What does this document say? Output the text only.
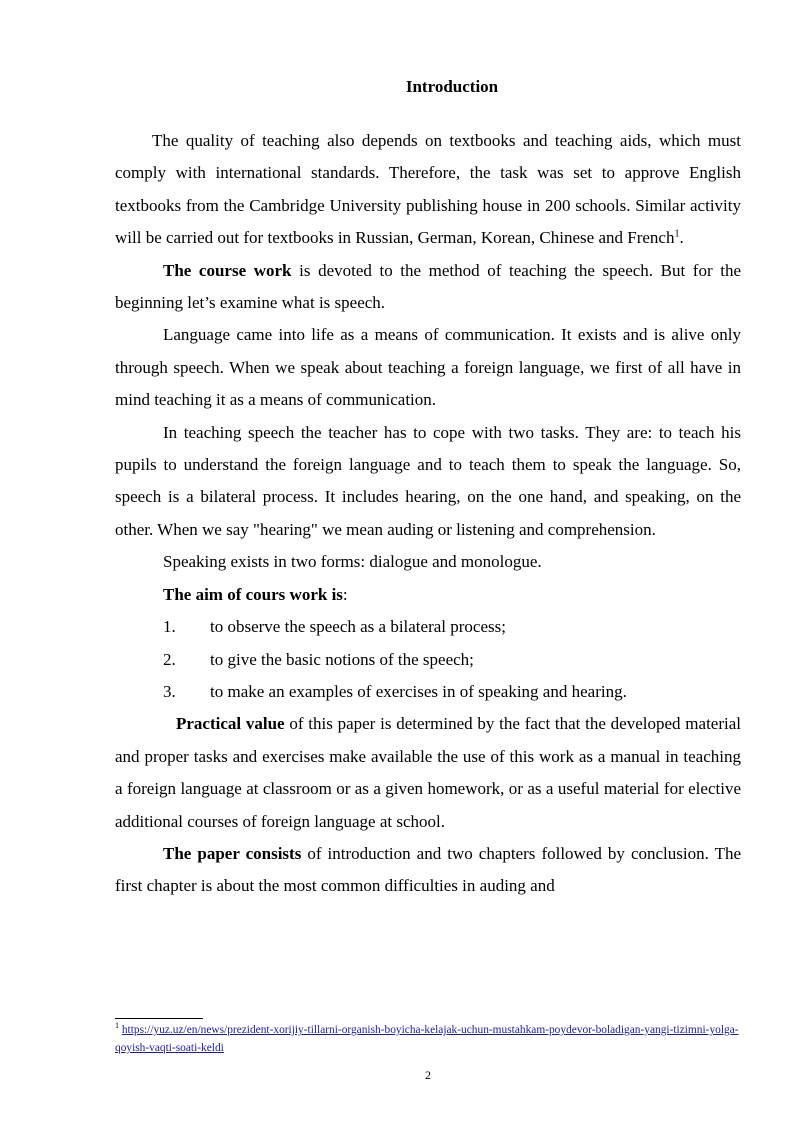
Introduction

The quality of teaching also depends on textbooks and teaching aids, which must comply with international standards. Therefore, the task was set to approve English textbooks from the Cambridge University publishing house in 200 schools. Similar activity will be carried out for textbooks in Russian, German, Korean, Chinese and French$^1$.

The course work is devoted to the method of teaching the speech. But for the beginning let’s examine what is speech.

Language came into life as a means of communication. It exists and is alive only through speech. When we speak about teaching a foreign language, we first of all have in mind teaching it as a means of communication.

In teaching speech the teacher has to cope with two tasks. They are: to teach his pupils to understand the foreign language and to teach them to speak the language. So, speech is a bilateral process. It includes hearing, on the one hand, and speaking, on the other. When we say "hearing" we mean auding or listening and comprehension.

Speaking exists in two forms: dialogue and monologue.

The aim of cours work is:

1.	to observe the speech as a bilateral process;
2.	to give the basic notions of the speech;
3.	to make an examples of exercises in of speaking and hearing.

Practical value of this paper is determined by the fact that the developed material and proper tasks and exercises make available the use of this work as a manual in teaching a foreign language at classroom or as a given homework, or as a useful material for elective additional courses of foreign language at school.

The paper consists of introduction and two chapters followed by conclusion. The first chapter is about the most common difficulties in auding and

$^1$ https://yuz.uz/en/news/prezident-xorijiy-tillarni-organish-boyicha-kelajak-uchun-mustahkam-poydevor-boladigan-yangi-tizimni-yolga-qoyish-vaqti-soati-keldi
2
